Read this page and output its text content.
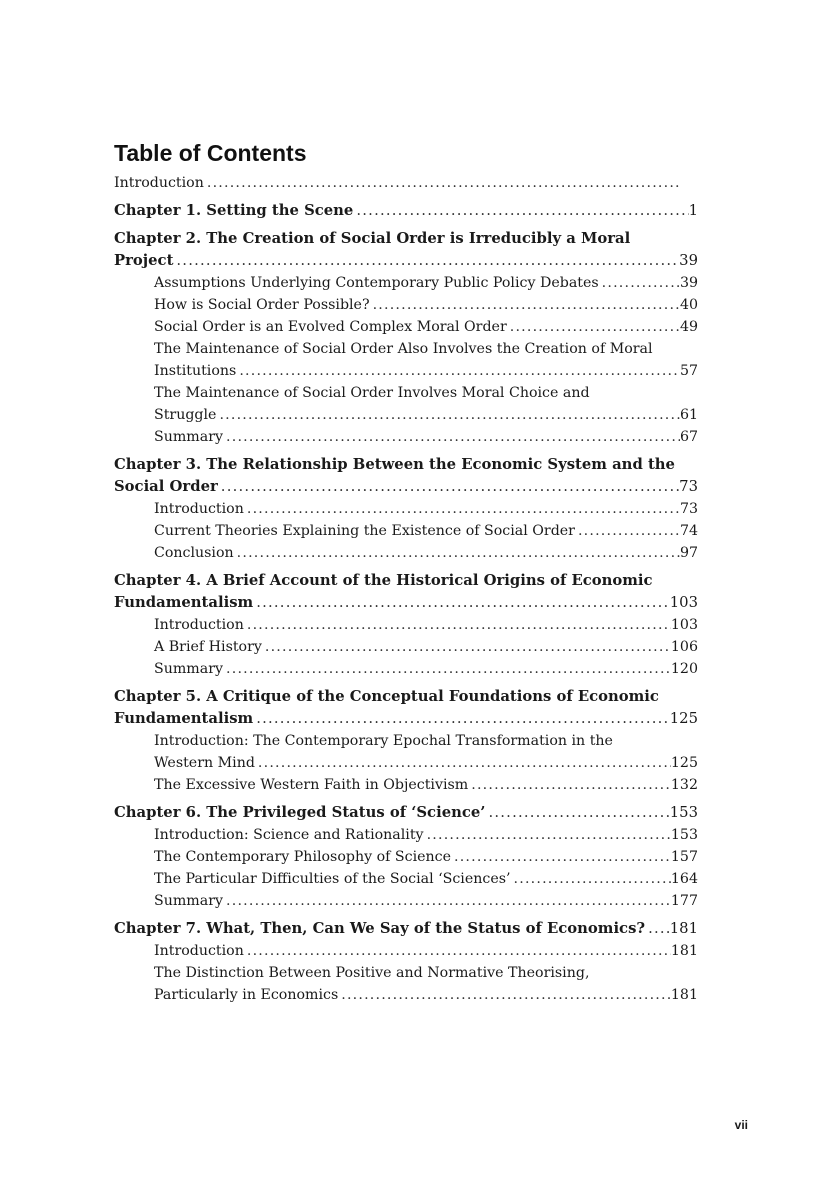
Table of Contents
Introduction
.....
Chapter 1. Setting the Scene .....	1
Chapter 2. The Creation of Social Order is Irreducibly a Moral
Project .....	39
Assumptions Underlying Contemporary Public Policy Debates .....	39
How is Social Order Possible? .....	40
Social Order is an Evolved Complex Moral Order .....	49
The Maintenance of Social Order Also Involves the Creation of Moral
Institutions .....	57
The Maintenance of Social Order Involves Moral Choice and
Struggle .....	61
Summary .....	67
Chapter 3. The Relationship Between the Economic System and the
Social Order .....	73
Introduction .....	73
Current Theories Explaining the Existence of Social Order .....	74
Conclusion .....	97
Chapter 4. A Brief Account of the Historical Origins of Economic
Fundamentalism .....	103
Introduction .....	103
A Brief History .....	106
Summary .....	120
Chapter 5. A Critique of the Conceptual Foundations of Economic
Fundamentalism .....	125
Introduction: The Contemporary Epochal Transformation in the
Western Mind .....	125
The Excessive Western Faith in Objectivism .....	132
Chapter 6. The Privileged Status of ‘Science’ .....	153
Introduction: Science and Rationality .....	153
The Contemporary Philosophy of Science .....	157
The Particular Difficulties of the Social ‘Sciences’ .....	164
Summary .....	177
Chapter 7. What, Then, Can We Say of the Status of Economics? ..... 181
Introduction .....	181
The Distinction Between Positive and Normative Theorising,
Particularly in Economics .....	181
vii
